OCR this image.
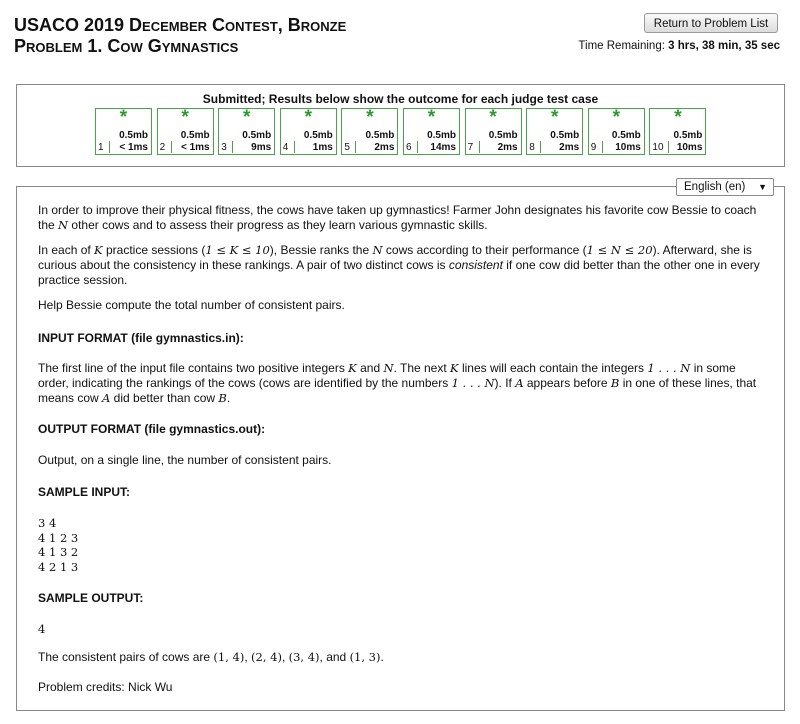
USACO 2019 December Contest, Bronze
Problem 1. Cow Gymnastics
Return to Problem List
Time Remaining: 3 hrs, 38 min, 35 sec
Submitted; Results below show the outcome for each judge test case
*
0.5mb
1 < 1ms
*
0.5mb
2 < 1ms
*
0.5mb
3 9ms
*
0.5mb
4 1ms
*
0.5mb
5 2ms
*
0.5mb
6 14ms
*
0.5mb
7 2ms
*
0.5mb
8 2ms
*
0.5mb
9 10ms
*
0.5mb
10 10ms
English (en) ▼
In order to improve their physical fitness, the cows have taken up gymnastics! Farmer John designates his favorite cow Bessie to coach the N other cows and to assess their progress as they learn various gymnastic skills.
In each of K practice sessions (1 ≤ K ≤ 10), Bessie ranks the N cows according to their performance (1 ≤ N ≤ 20). Afterward, she is curious about the consistency in these rankings. A pair of two distinct cows is consistent if one cow did better than the other one in every practice session.
Help Bessie compute the total number of consistent pairs.
INPUT FORMAT (file gymnastics.in):
The first line of the input file contains two positive integers K and N. The next K lines will each contain the integers 1 . . . N in some order, indicating the rankings of the cows (cows are identified by the numbers 1 . . . N). If A appears before B in one of these lines, that means cow A did better than cow B.
OUTPUT FORMAT (file gymnastics.out):
Output, on a single line, the number of consistent pairs.
SAMPLE INPUT:
3 4
4 1 2 3
4 1 3 2
4 2 1 3
SAMPLE OUTPUT:
4
The consistent pairs of cows are (1, 4), (2, 4), (3, 4), and (1, 3).
Problem credits: Nick Wu
